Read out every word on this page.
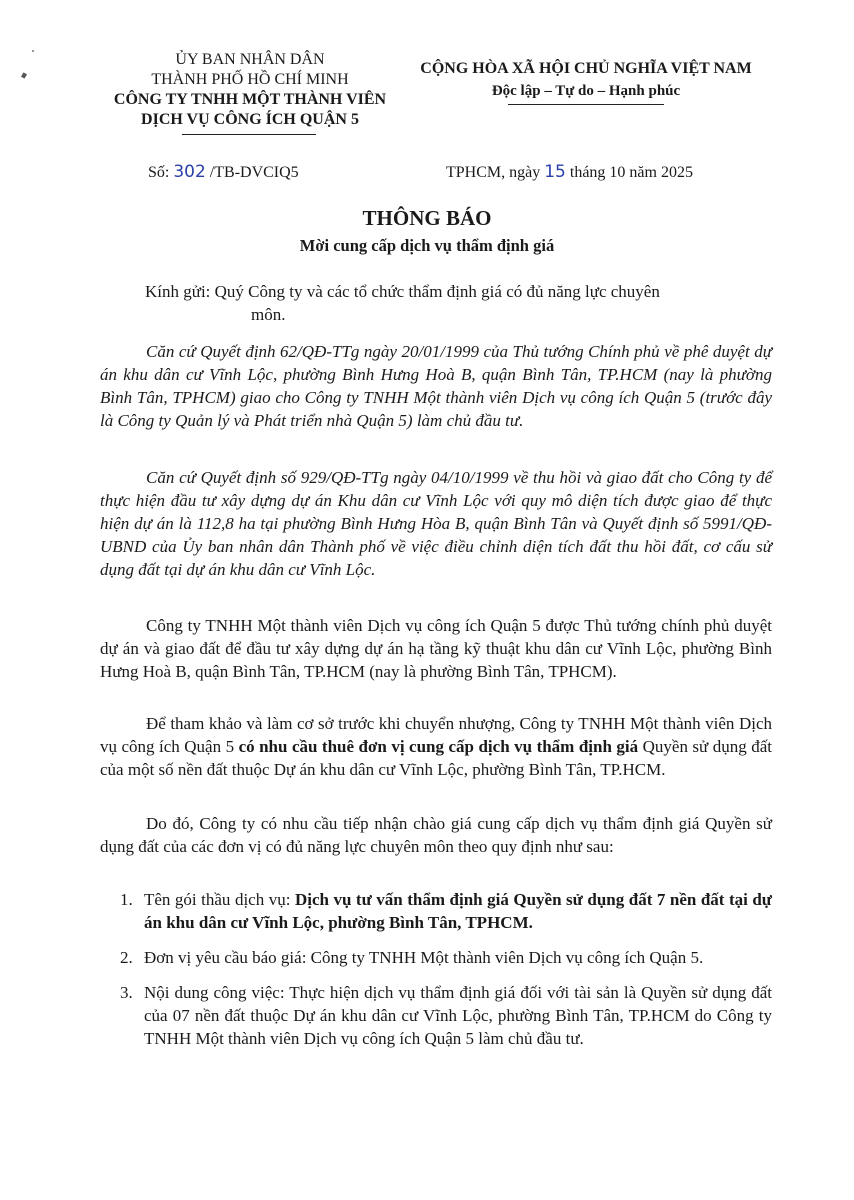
ỦY BAN NHÂN DÂN
THÀNH PHỐ HỒ CHÍ MINH
CÔNG TY TNHH MỘT THÀNH VIÊN
DỊCH VỤ CÔNG ÍCH QUẬN 5
CỘNG HÒA XÃ HỘI CHỦ NGHĨA VIỆT NAM
Độc lập – Tự do – Hạnh phúc
Số: 302 /TB-DVCIQ5	TPHCM, ngày 15 tháng 10 năm 2025
THÔNG BÁO
Mời cung cấp dịch vụ thẩm định giá
Kính gửi: Quý Công ty và các tổ chức thẩm định giá có đủ năng lực chuyên
môn.

Căn cứ Quyết định 62/QĐ-TTg ngày 20/01/1999 của Thủ tướng Chính phủ về phê duyệt dự án khu dân cư Vĩnh Lộc, phường Bình Hưng Hoà B, quận Bình Tân, TP.HCM (nay là phường Bình Tân, TPHCM) giao cho Công ty TNHH Một thành viên Dịch vụ công ích Quận 5 (trước đây là Công ty Quản lý và Phát triển nhà Quận 5) làm chủ đầu tư.

Căn cứ Quyết định số 929/QĐ-TTg ngày 04/10/1999 về thu hồi và giao đất cho Công ty để thực hiện đầu tư xây dựng dự án Khu dân cư Vĩnh Lộc với quy mô diện tích được giao để thực hiện dự án là 112,8 ha tại phường Bình Hưng Hòa B, quận Bình Tân và Quyết định số 5991/QĐ-UBND của Ủy ban nhân dân Thành phố về việc điều chỉnh diện tích đất thu hồi đất, cơ cấu sử dụng đất tại dự án khu dân cư Vĩnh Lộc.

Công ty TNHH Một thành viên Dịch vụ công ích Quận 5 được Thủ tướng chính phủ duyệt dự án và giao đất để đầu tư xây dựng dự án hạ tầng kỹ thuật khu dân cư Vĩnh Lộc, phường Bình Hưng Hoà B, quận Bình Tân, TP.HCM (nay là phường Bình Tân, TPHCM).

Để tham khảo và làm cơ sở trước khi chuyển nhượng, Công ty TNHH Một thành viên Dịch vụ công ích Quận 5 có nhu cầu thuê đơn vị cung cấp dịch vụ thẩm định giá Quyền sử dụng đất của một số nền đất thuộc Dự án khu dân cư Vĩnh Lộc, phường Bình Tân, TP.HCM.

Do đó, Công ty có nhu cầu tiếp nhận chào giá cung cấp dịch vụ thẩm định giá Quyền sử dụng đất của các đơn vị có đủ năng lực chuyên môn theo quy định như sau:

1. Tên gói thầu dịch vụ: Dịch vụ tư vấn thẩm định giá Quyền sử dụng đất 7 nền đất tại dự án khu dân cư Vĩnh Lộc, phường Bình Tân, TPHCM.
2. Đơn vị yêu cầu báo giá: Công ty TNHH Một thành viên Dịch vụ công ích Quận 5.
3. Nội dung công việc: Thực hiện dịch vụ thẩm định giá đối với tài sản là Quyền sử dụng đất của 07 nền đất thuộc Dự án khu dân cư Vĩnh Lộc, phường Bình Tân, TP.HCM do Công ty TNHH Một thành viên Dịch vụ công ích Quận 5 làm chủ đầu tư.
